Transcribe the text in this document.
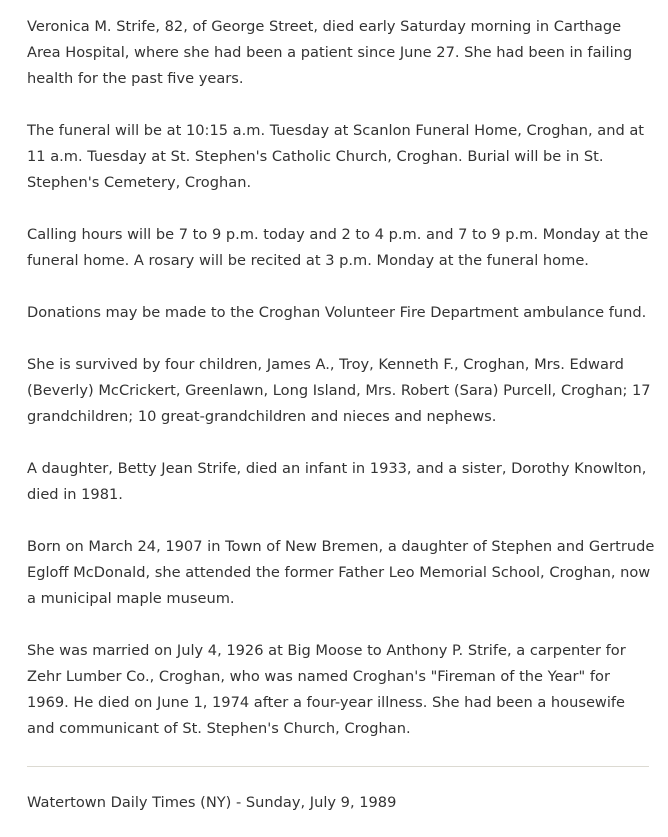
Veronica M. Strife, 82, of George Street, died early Saturday morning in Carthage Area Hospital, where she had been a patient since June 27. She had been in failing health for the past five years.

The funeral will be at 10:15 a.m. Tuesday at Scanlon Funeral Home, Croghan, and at 11 a.m. Tuesday at St. Stephen's Catholic Church, Croghan. Burial will be in St. Stephen's Cemetery, Croghan.

Calling hours will be 7 to 9 p.m. today and 2 to 4 p.m. and 7 to 9 p.m. Monday at the funeral home. A rosary will be recited at 3 p.m. Monday at the funeral home.

Donations may be made to the Croghan Volunteer Fire Department ambulance fund.

She is survived by four children, James A., Troy, Kenneth F., Croghan, Mrs. Edward (Beverly) McCrickert, Greenlawn, Long Island, Mrs. Robert (Sara) Purcell, Croghan; 17 grandchildren; 10 great-grandchildren and nieces and nephews.

A daughter, Betty Jean Strife, died an infant in 1933, and a sister, Dorothy Knowlton, died in 1981.

Born on March 24, 1907 in Town of New Bremen, a daughter of Stephen and Gertrude Egloff McDonald, she attended the former Father Leo Memorial School, Croghan, now a municipal maple museum.

She was married on July 4, 1926 at Big Moose to Anthony P. Strife, a carpenter for Zehr Lumber Co., Croghan, who was named Croghan's "Fireman of the Year" for 1969. He died on June 1, 1974 after a four-year illness. She had been a housewife and communicant of St. Stephen's Church, Croghan.

Watertown Daily Times (NY) - Sunday, July 9, 1989
